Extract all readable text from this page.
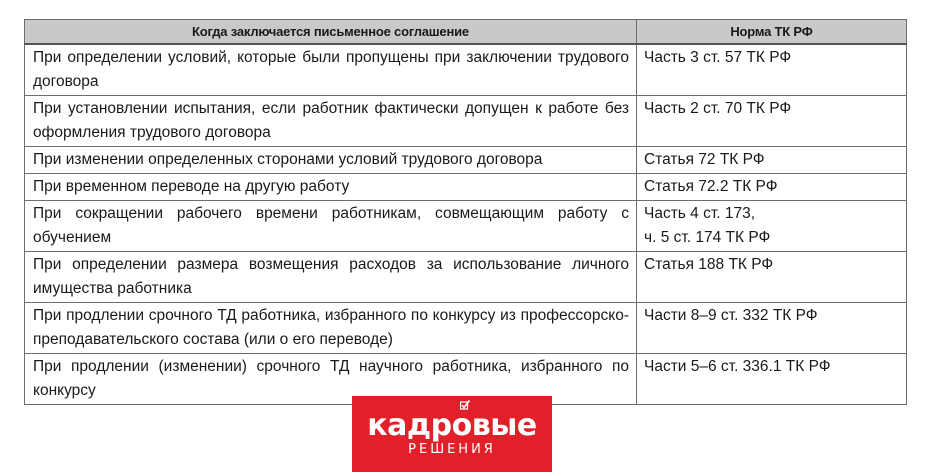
Когда заключается письменное соглашение	Норма ТК РФ
При определении условий, которые были пропущены при заключении трудового договора	Часть 3 ст. 57 ТК РФ

При установлении испытания, если работник фактически допущен к работе без оформления трудового договора	Часть 2 ст. 70 ТК РФ

При изменении определенных сторонами условий трудового договора	Статья 72 ТК РФ

При временном переводе на другую работу	Статья 72.2 ТК РФ

При сокращении рабочего времени работникам, совмещающим работу с обучением	Часть 4 ст. 173,
ч. 5 ст. 174 ТК РФ

При определении размера возмещения расходов за использование личного имущества работника	Статья 188 ТК РФ

При продлении срочного ТД работника, избранного по конкурсу из профессорско-преподавательского состава (или о его переводе)	Части 8–9 ст. 332 ТК РФ

При продлении (изменении) срочного ТД научного работника, избранного по конкурсу	Части 5–6 ст. 336.1 ТК РФ
кадровые
РЕШЕНИЯ
